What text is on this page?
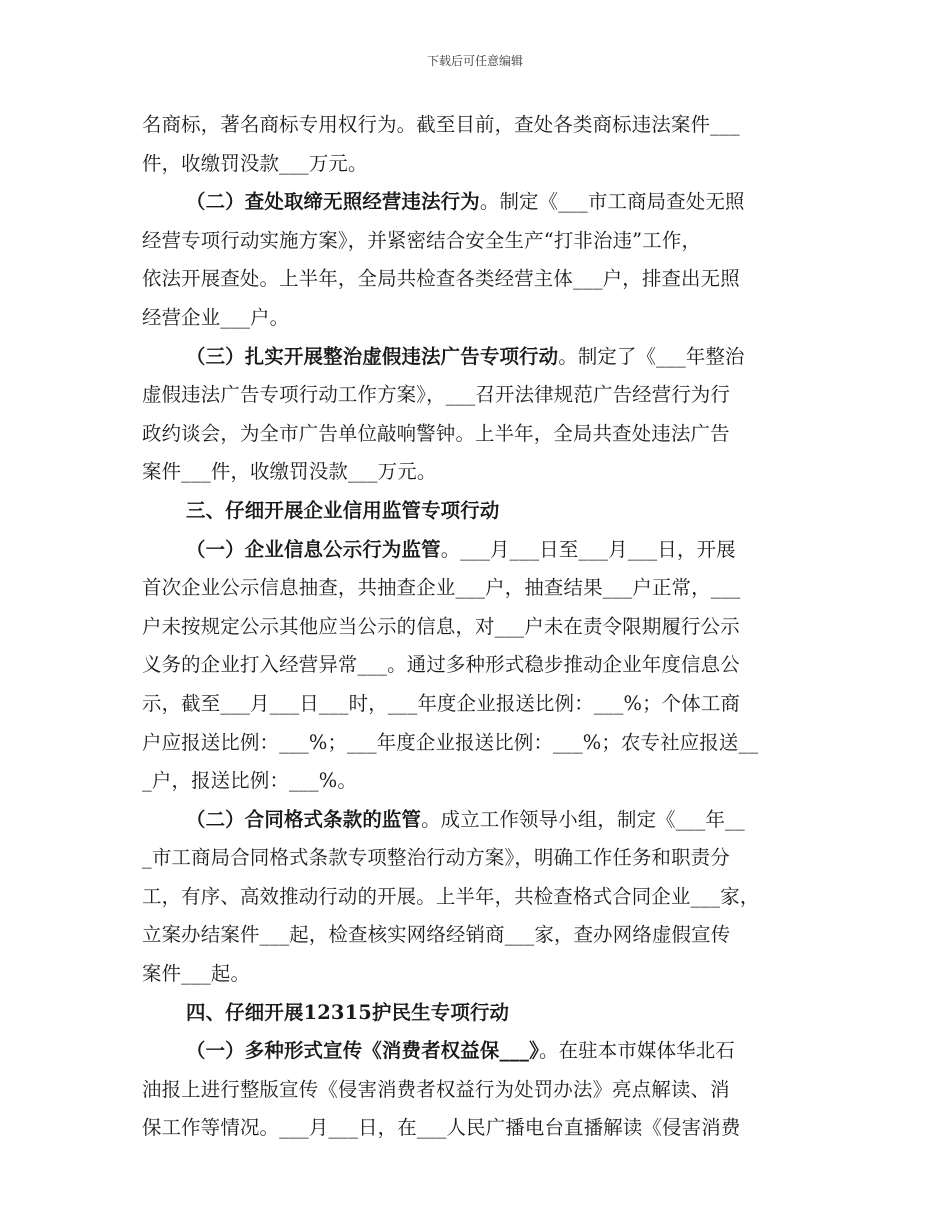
下载后可任意编辑
名商标，著名商标专用权行为。截至目前，查处各类商标违法案件___
件，收缴罚没款___万元。
（二）查处取缔无照经营违法行为。制定《___市工商局查处无照
经营专项行动实施方案》，并紧密结合安全生产“打非治违”工作，
依法开展查处。上半年，全局共检查各类经营主体___户，排查出无照
经营企业___户。
（三）扎实开展整治虚假违法广告专项行动。制定了《___年整治
虚假违法广告专项行动工作方案》，___召开法律规范广告经营行为行
政约谈会，为全市广告单位敲响警钟。上半年，全局共查处违法广告
案件___件，收缴罚没款___万元。
三、仔细开展企业信用监管专项行动
（一）企业信息公示行为监管。___月___日至___月___日，开展
首次企业公示信息抽查，共抽查企业___户，抽查结果___户正常，___
户未按规定公示其他应当公示的信息，对___户未在责令限期履行公示
义务的企业打入经营异常___。通过多种形式稳步推动企业年度信息公
示，截至___月___日___时，___年度企业报送比例：___%；个体工商
户应报送比例：___%；___年度企业报送比例：___%；农专社应报送__
_户，报送比例：___%。
（二）合同格式条款的监管。成立工作领导小组，制定《___年__
_市工商局合同格式条款专项整治行动方案》，明确工作任务和职责分
工，有序、高效推动行动的开展。上半年，共检查格式合同企业___家，
立案办结案件___起，检查核实网络经销商___家，查办网络虚假宣传
案件___起。
四、仔细开展12315护民生专项行动
（一）多种形式宣传《消费者权益保___》。在驻本市媒体华北石
油报上进行整版宣传《侵害消费者权益行为处罚办法》亮点解读、消
保工作等情况。___月___日，在___人民广播电台直播解读《侵害消费
